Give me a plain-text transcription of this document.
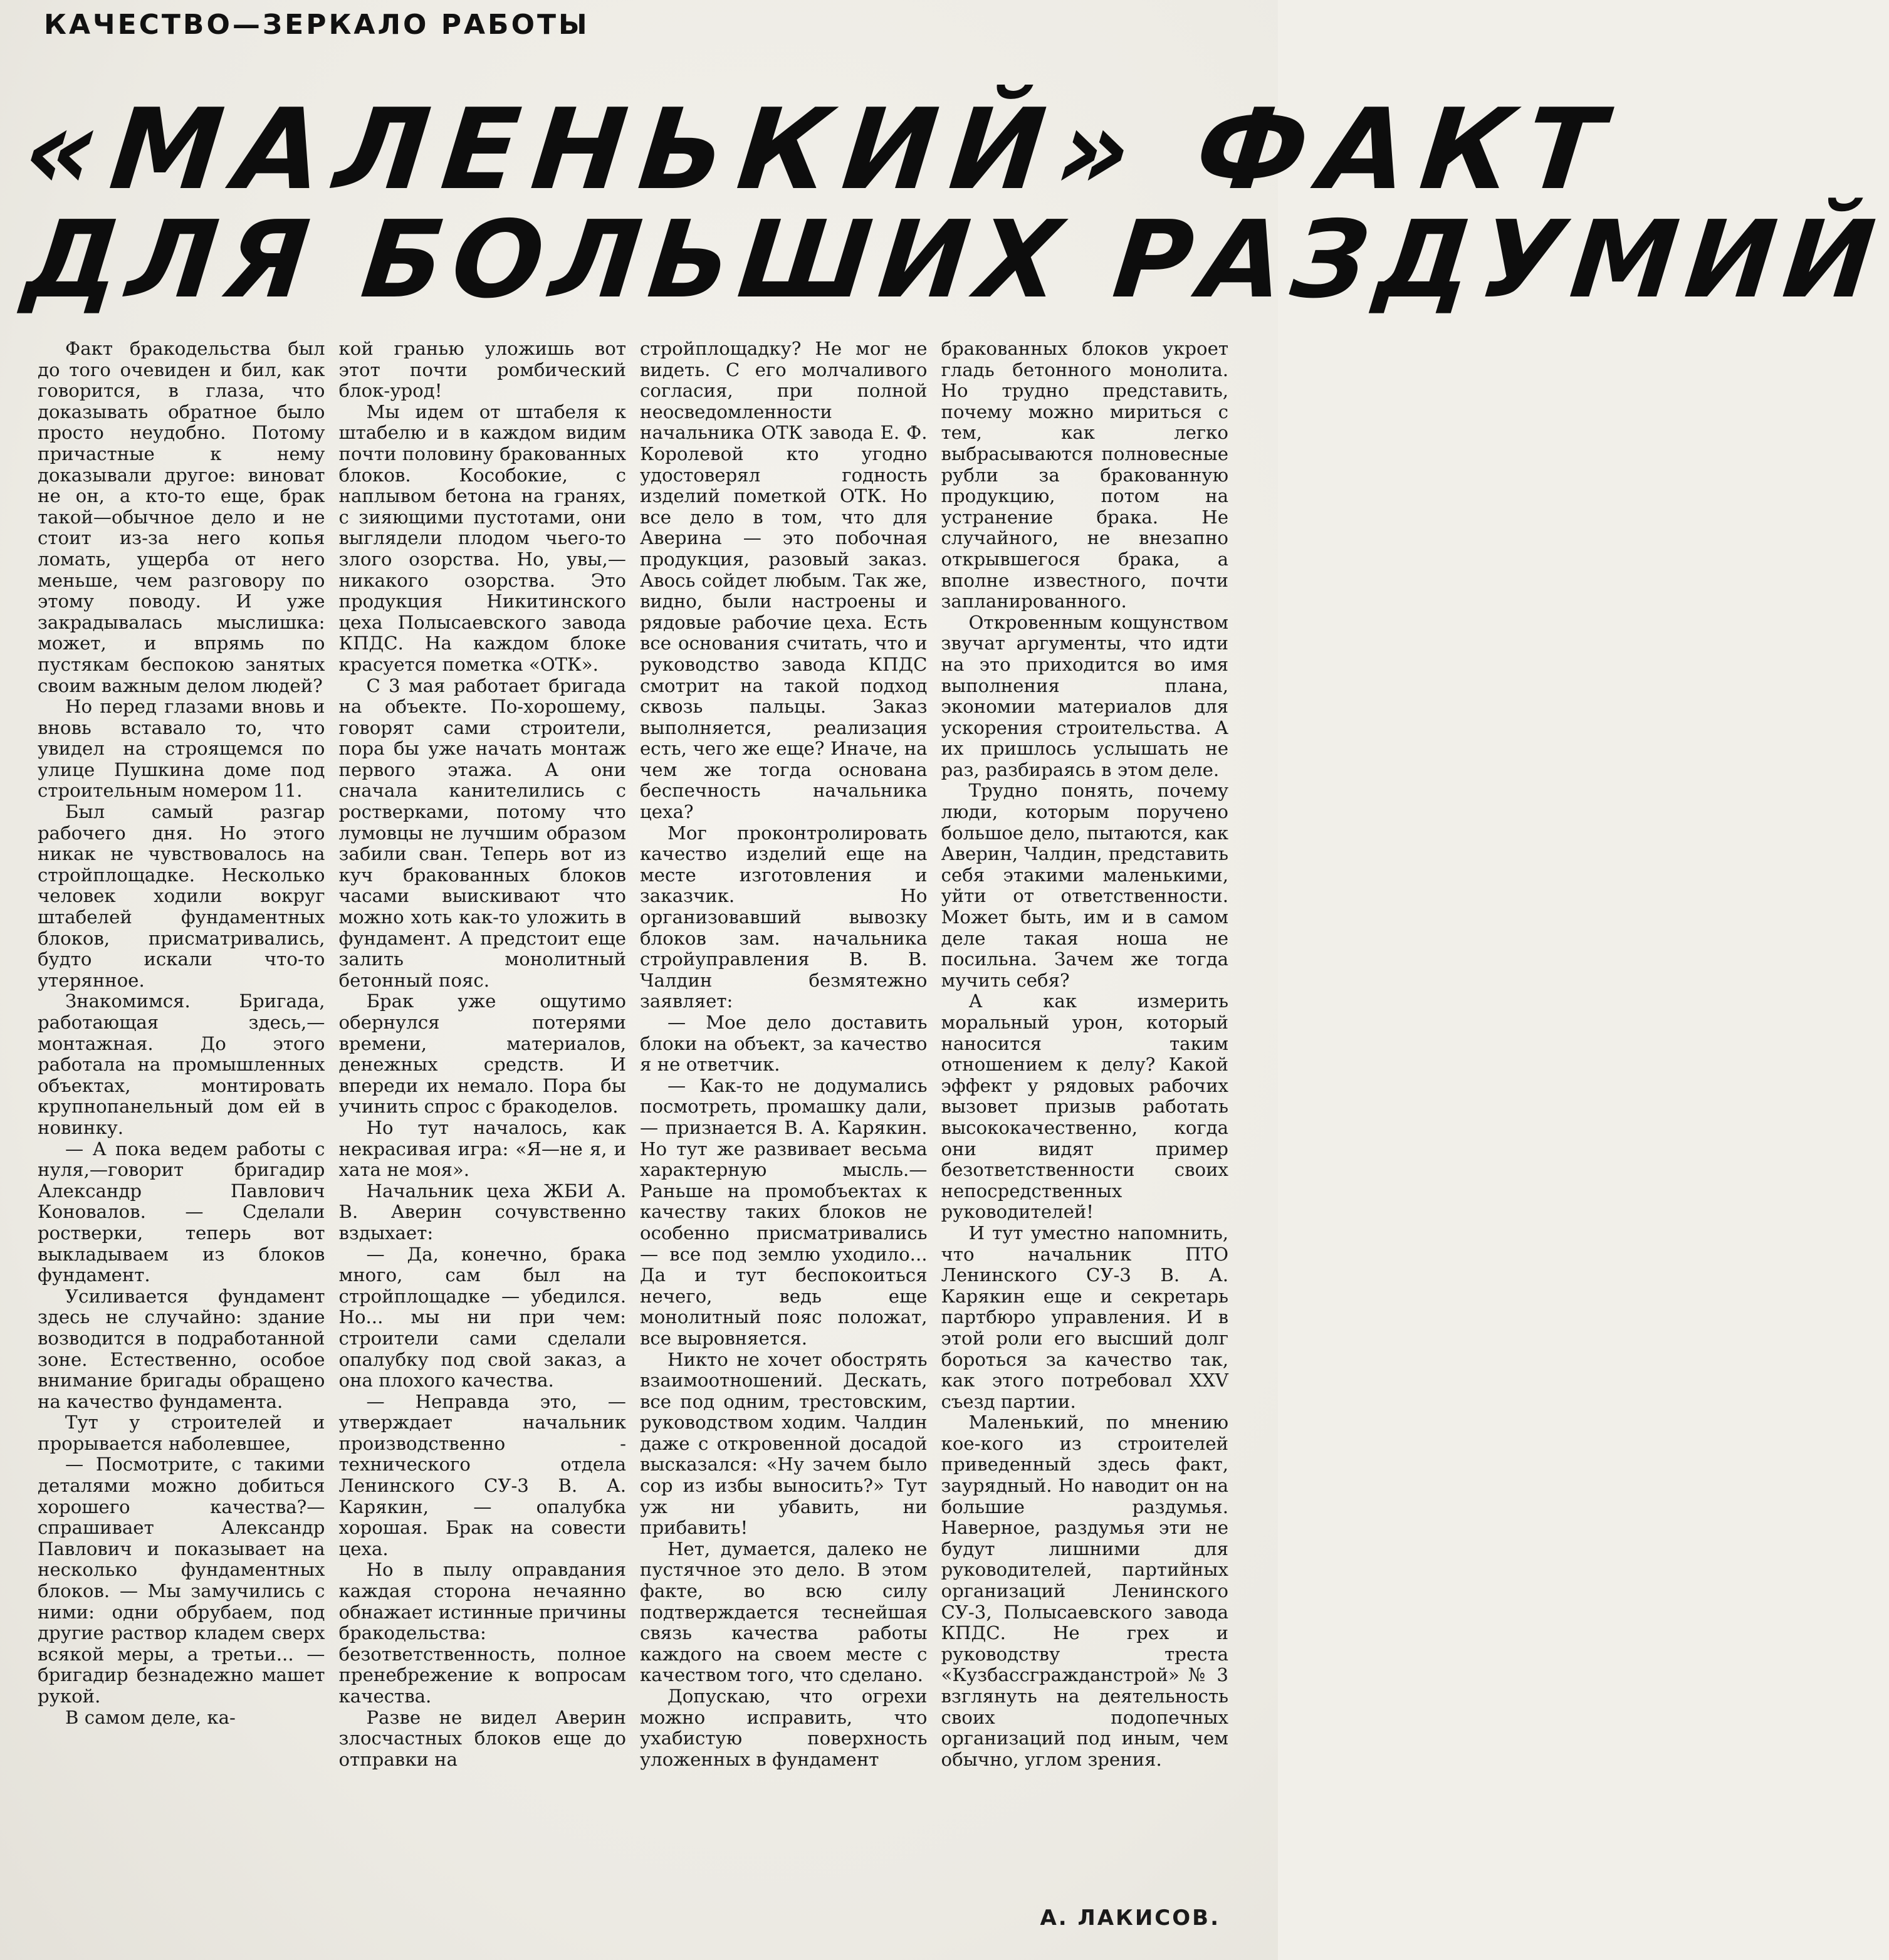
КАЧЕСТВО—ЗЕРКАЛО РАБОТЫ
«МАЛЕНЬКИЙ» ФАКТ
ДЛЯ БОЛЬШИХ РАЗДУМИЙ

Факт бракодельства был до того очевиден и бил, как говорится, в глаза, что доказывать обратное было просто неудобно. Потому причастные к нему доказывали другое: виноват не он, а кто-то еще, брак такой—обычное дело и не стоит из-за него копья ломать, ущерба от него меньше, чем разговору по этому поводу. И уже закрадывалась мыслишка: может, и впрямь по пустякам беспокою занятых своим важным делом людей?

Но перед глазами вновь и вновь вставало то, что увидел на строящемся по улице Пушкина доме под строительным номером 11.

Был самый разгар рабочего дня. Но этого никак не чувствовалось на стройплощадке. Несколько человек ходили вокруг штабелей фундаментных блоков, присматривались, будто искали что-то утерянное.

Знакомимся. Бригада, работающая здесь,—монтажная. До этого работала на промышленных объектах, монтировать крупнопанельный дом ей в новинку.

— А пока ведем работы с нуля,—говорит бригадир Александр Павлович Коновалов. — Сделали ростверки, теперь вот выкладываем из блоков фундамент.

Усиливается фундамент здесь не случайно: здание возводится в подработанной зоне. Естественно, особое внимание бригады обращено на качество фундамента.

Тут у строителей и прорывается наболевшее,

— Посмотрите, с такими деталями можно добиться хорошего качества?—спрашивает Александр Павлович и показывает на несколько фундаментных блоков. — Мы замучились с ними: одни обрубаем, под другие раствор кладем сверх всякой меры, а третьи... — бригадир безнадежно машет рукой.

В самом деле, ка-

кой гранью уложишь вот этот почти ромбический блок-урод!

Мы идем от штабеля к штабелю и в каждом видим почти половину бракованных блоков. Кособокие, с наплывом бетона на гранях, с зияющими пустотами, они выглядели плодом чьего-то злого озорства. Но, увы,—никакого озорства. Это продукция Никитинского цеха Полысаевского завода КПДС. На каждом блоке красуется пометка «ОТК».

С 3 мая работает бригада на объекте. По-хорошему, говорят сами строители, пора бы уже начать монтаж первого этажа. А они сначала канителились с ростверками, потому что лумовцы не лучшим образом забили сван. Теперь вот из куч бракованных блоков часами выискивают что можно хоть как-то уложить в фундамент. А предстоит еще залить монолитный бетонный пояс.

Брак уже ощутимо обернулся потерями времени, материалов, денежных средств. И впереди их немало. Пора бы учинить спрос с бракоделов.

Но тут началось, как некрасивая игра: «Я—не я, и хата не моя».

Начальник цеха ЖБИ А. В. Аверин сочувственно вздыхает:

— Да, конечно, брака много, сам был на стройплощадке — убедился. Но... мы ни при чем: строители сами сделали опалубку под свой заказ, а она плохого качества.

— Неправда это, — утверждает начальник производственно - технического отдела Ленинского СУ-3 В. А. Карякин, — опалубка хорошая. Брак на совести цеха.

Но в пылу оправдания каждая сторона нечаянно обнажает истинные причины бракодельства: безответственность, полное пренебрежение к вопросам качества.

Разве не видел Аверин злосчастных блоков еще до отправки на

стройплощадку? Не мог не видеть. С его молчаливого согласия, при полной неосведомленности начальника ОТК завода Е. Ф. Королевой кто угодно удостоверял годность изделий пометкой ОТК. Но все дело в том, что для Аверина — это побочная продукция, разовый заказ. Авось сойдет любым. Так же, видно, были настроены и рядовые рабочие цеха. Есть все основания считать, что и руководство завода КПДС смотрит на такой подход сквозь пальцы. Заказ выполняется, реализация есть, чего же еще? Иначе, на чем же тогда основана беспечность начальника цеха?

Мог проконтролировать качество изделий еще на месте изготовления и заказчик. Но организовавший вывозку блоков зам. начальника стройуправления В. В. Чалдин безмятежно заявляет:

— Мое дело доставить блоки на объект, за качество я не ответчик.

— Как-то не додумались посмотреть, промашку дали, — признается В. А. Карякин. Но тут же развивает весьма характерную мысль.—Раньше на промобъектах к качеству таких блоков не особенно присматривались — все под землю уходило... Да и тут беспокоиться нечего, ведь еще монолитный пояс положат, все выровняется.

Никто не хочет обострять взаимоотношений. Дескать, все под одним, трестовским, руководством ходим. Чалдин даже с откровенной досадой высказался: «Ну зачем было сор из избы выносить?» Тут уж ни убавить, ни прибавить!

Нет, думается, далеко не пустячное это дело. В этом факте, во всю силу подтверждается теснейшая связь качества работы каждого на своем месте с качеством того, что сделано.

Допускаю, что огрехи можно исправить, что ухабистую поверхность уложенных в фундамент

бракованных блоков укроет гладь бетонного монолита. Но трудно представить, почему можно мириться с тем, как легко выбрасываются полновесные рубли за бракованную продукцию, потом на устранение брака. Не случайного, не внезапно открывшегося брака, а вполне известного, почти запланированного.

Откровенным кощунством звучат аргументы, что идти на это приходится во имя выполнения плана, экономии материалов для ускорения строительства. А их пришлось услышать не раз, разбираясь в этом деле.

Трудно понять, почему люди, которым поручено большое дело, пытаются, как Аверин, Чалдин, представить себя этакими маленькими, уйти от ответственности. Может быть, им и в самом деле такая ноша не посильна. Зачем же тогда мучить себя?

А как измерить моральный урон, который наносится таким отношением к делу? Какой эффект у рядовых рабочих вызовет призыв работать высококачественно, когда они видят пример безответственности своих непосредственных руководителей!

И тут уместно напомнить, что начальник ПТО Ленинского СУ-3 В. А. Карякин еще и секретарь партбюро управления. И в этой роли его высший долг бороться за качество так, как этого потребовал XXV съезд партии.

Маленький, по мнению кое-кого из строителей приведенный здесь факт, заурядный. Но наводит он на большие раздумья. Наверное, раздумья эти не будут лишними для руководителей, партийных организаций Ленинского СУ-3, Полысаевского завода КПДС. Не грех и руководству треста «Кузбассгражданстрой» № 3 взглянуть на деятельность своих подопечных организаций под иным, чем обычно, углом зрения.

А. ЛАКИСОВ.
